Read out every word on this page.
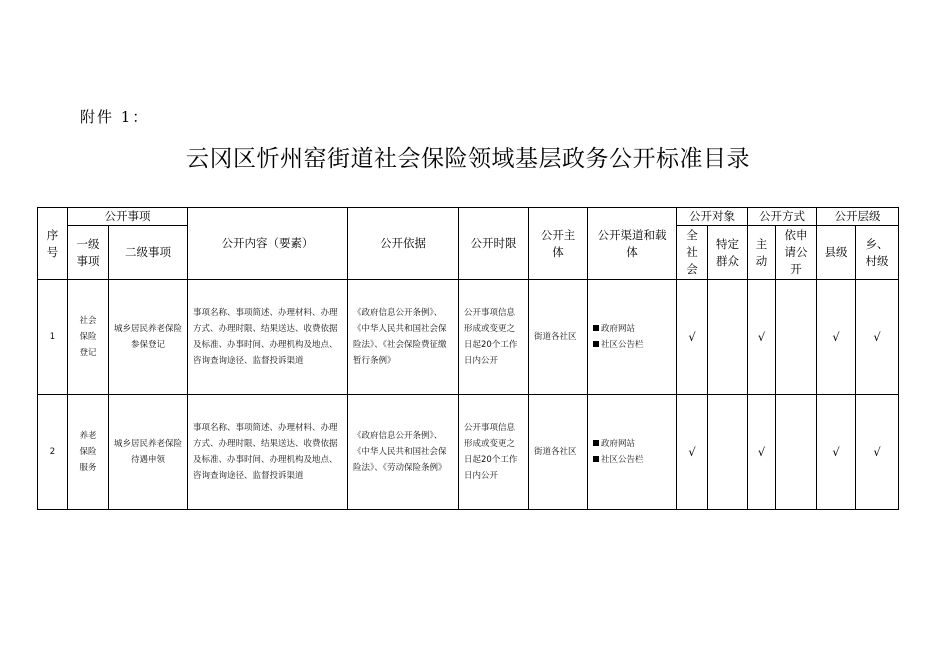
附件 1：
云冈区忻州窑街道社会保险领域基层政务公开标准目录
序号	公开事项		公开内容（要素）	公开依据	公开时限	公开主体	公开渠道和载体	公开对象		公开方式		公开层级	
	一级事项	二级事项						全社会	特定群众	主动	依申请公开	县级	乡、村级
1	社会保险登记	城乡居民养老保险参保登记	事项名称、事项简述、办理材料、办理方式、办理时限、结果送达、收费依据及标准、办事时间、办理机构及地点、咨询查询途径、监督投诉渠道	《政府信息公开条例》、《中华人民共和国社会保险法》、《社会保险费征缴暂行条例》	公开事项信息形成或变更之日起20个工作日内公开	街道各社区	政府网站
社区公告栏	√		√		√	√
2	养老保险服务	城乡居民养老保险待遇申领	事项名称、事项简述、办理材料、办理方式、办理时限、结果送达、收费依据及标准、办事时间、办理机构及地点、咨询查询途径、监督投诉渠道	《政府信息公开条例》、《中华人民共和国社会保险法》、《劳动保险条例》	公开事项信息形成或变更之日起20个工作日内公开	街道各社区	政府网站
社区公告栏	√		√		√	√
